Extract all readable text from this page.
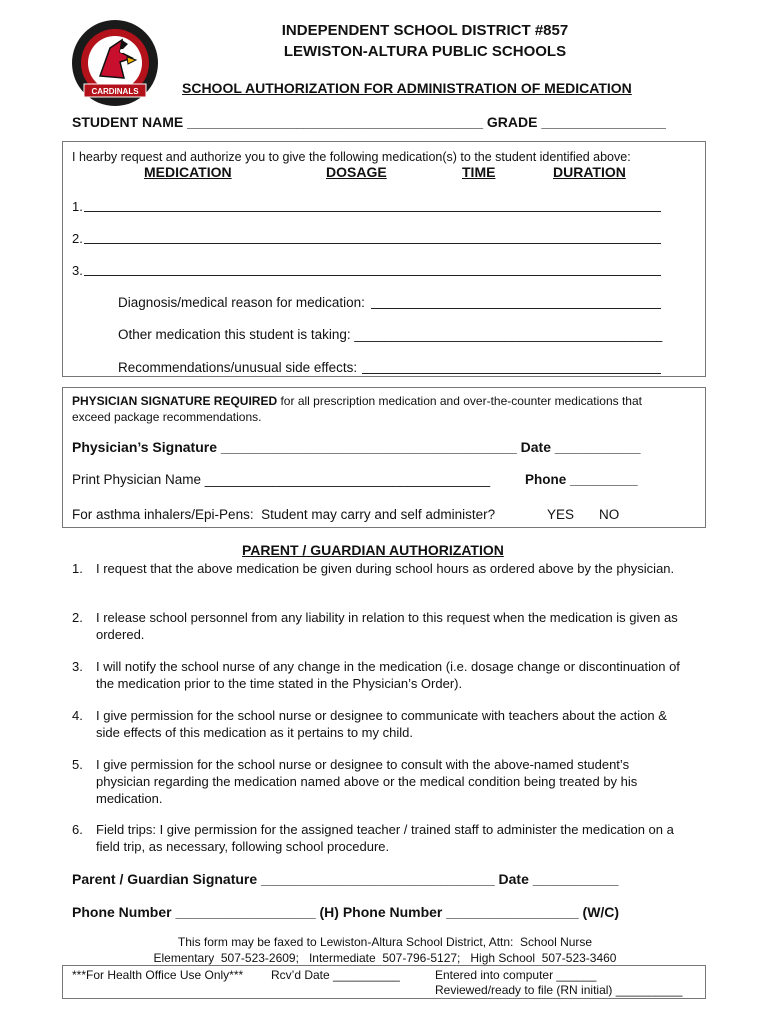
CARDINALS
INDEPENDENT SCHOOL DISTRICT #857
LEWISTON-ALTURA PUBLIC SCHOOLS
SCHOOL AUTHORIZATION FOR ADMINISTRATION OF MEDICATION
STUDENT NAME ______________________________________ GRADE ________________
I hearby request and authorize you to give the following medication(s) to the student identified above:
MEDICATION	DOSAGE	TIME	DURATION
1.
2.
3.
Diagnosis/medical reason for medication:
Other medication this student is taking: _________________________________________
Recommendations/unusual side effects:
PHYSICIAN SIGNATURE REQUIRED for all prescription medication and over-the-counter medications that
exceed package recommendations.
Physician’s Signature ______________________________________ Date ___________
Print Physician Name ______________________________________	Phone _________
For asthma inhalers/Epi-Pens:  Student may carry and self administer?	YES NO
PARENT / GUARDIAN AUTHORIZATION
1. I request that the above medication be given during school hours as ordered above by the physician.
2. I release school personnel from any liability in relation to this request when the medication is given as ordered.
3. I will notify the school nurse of any change in the medication (i.e. dosage change or discontinuation of the medication prior to the time stated in the Physician’s Order).
4. I give permission for the school nurse or designee to communicate with teachers about the action & side effects of this medication as it pertains to my child.
5. I give permission for the school nurse or designee to consult with the above-named student’s physician regarding the medication named above or the medical condition being treated by his medication.
6. Field trips: I give permission for the assigned teacher / trained staff to administer the medication on a field trip, as necessary, following school procedure.
Parent / Guardian Signature ______________________________ Date ___________
Phone Number __________________ (H) Phone Number _________________ (W/C)
This form may be faxed to Lewiston-Altura School District, Attn:  School Nurse
Elementary  507-523-2609;   Intermediate  507-796-5127;   High School  507-523-3460
***For Health Office Use Only*** Rcv’d Date __________	Entered into computer ______
Reviewed/ready to file (RN initial) __________
